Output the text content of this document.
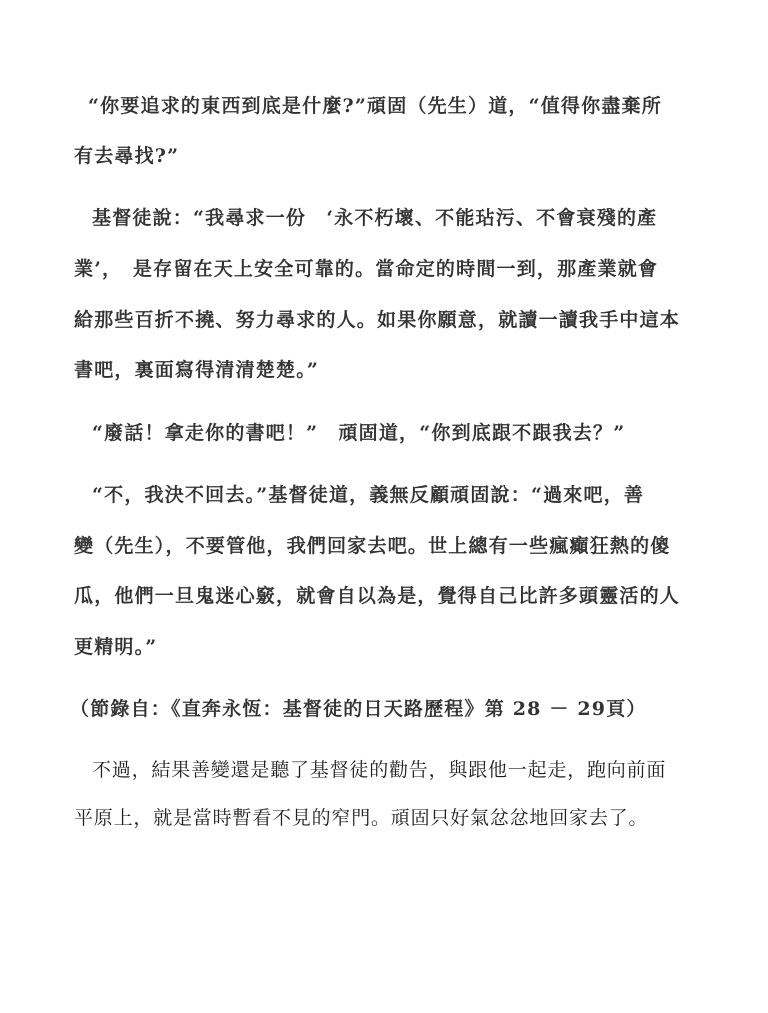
“你要追求的東西到底是什麼?”頑固（先生）道，“值得你盡棄所
有去尋找?”
基督徒說：“我尋求一份　‘永不朽壞、不能玷污、不會衰殘的產
業’，　是存留在天上安全可靠的。當命定的時間一到，那產業就會
給那些百折不撓、努力尋求的人。如果你願意，就讀一讀我手中這本
書吧，裏面寫得清清楚楚。”
“廢話！拿走你的書吧！”　頑固道，“你到底跟不跟我去？”
“不，我決不回去。”基督徒道，義無反顧頑固說：“過來吧，善
變（先生），不要管他，我們回家去吧。世上總有一些瘋癲狂熱的傻
瓜，他們一旦鬼迷心竅，就會自以為是，覺得自己比許多頭靈活的人
更精明。”
（節錄自：《直奔永恆：基督徒的日天路歷程》第 28 － 29頁）
不過，結果善變還是聽了基督徒的勸告，與跟他一起走，跑向前面
平原上，就是當時暫看不見的窄門。頑固只好氣忿忿地回家去了。
